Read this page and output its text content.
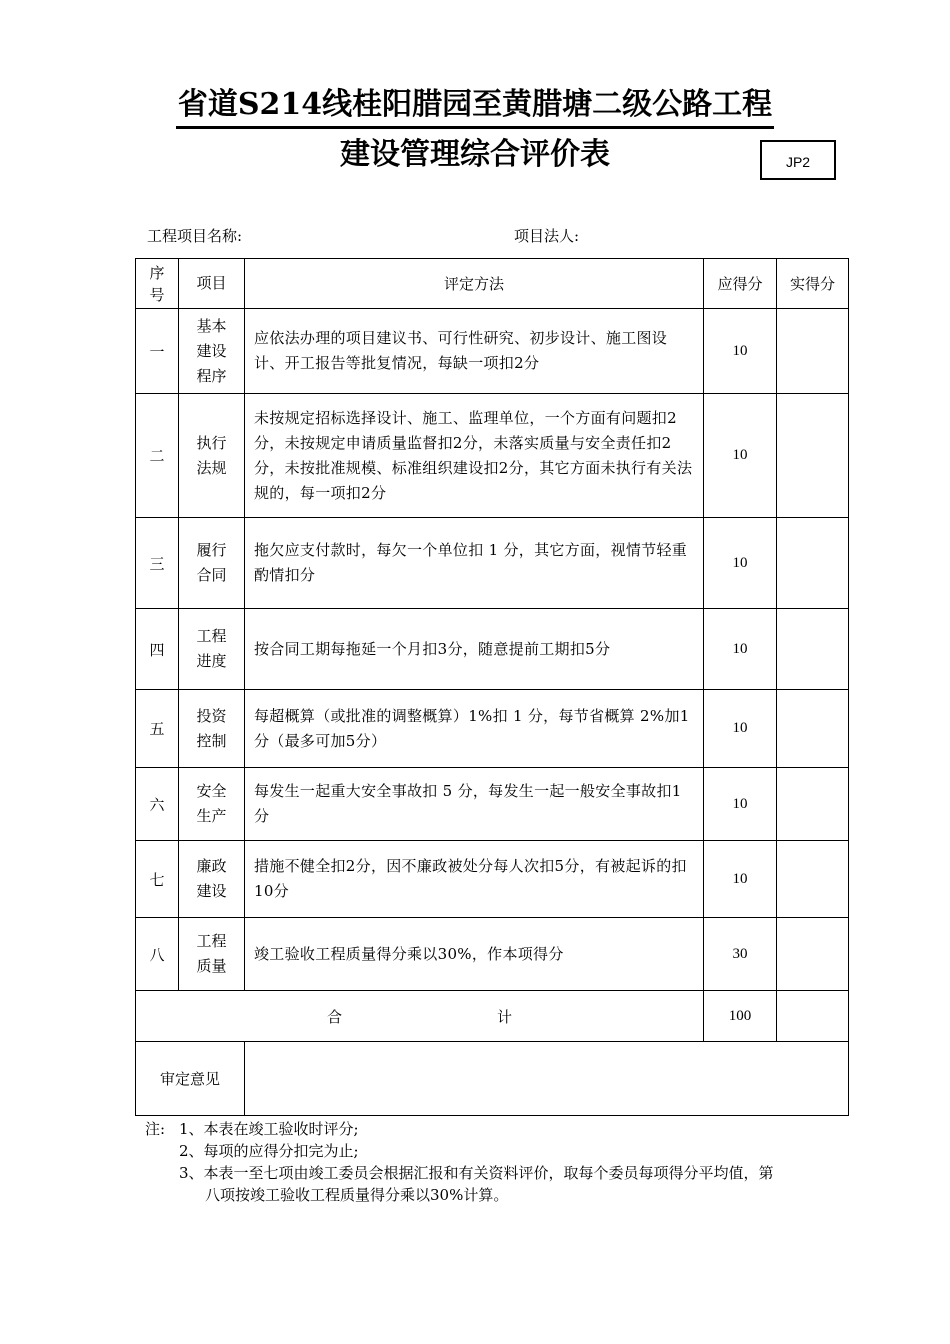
省道S214线桂阳腊园至黄腊塘二级公路工程
建设管理综合评价表	JP2
工程项目名称:	项目法人:
序号	项目	评定方法	应得分	实得分
一	基本建设程序	应依法办理的项目建议书、可行性研究、初步设计、施工图设计、开工报告等批复情况，每缺一项扣2分	10	
二	执行法规	未按规定招标选择设计、施工、监理单位，一个方面有问题扣2分，未按规定申请质量监督扣2分，未落实质量与安全责任扣2分，未按批准规模、标准组织建设扣2分，其它方面未执行有关法规的，每一项扣2分	10	
三	履行合同	拖欠应支付款时，每欠一个单位扣 1 分，其它方面，视情节轻重酌情扣分	10	
四	工程进度	按合同工期每拖延一个月扣3分，随意提前工期扣5分	10	
五	投资控制	每超概算（或批准的调整概算）1%扣 1 分，每节省概算 2%加1分（最多可加5分）	10	
六	安全生产	每发生一起重大安全事故扣 5 分，每发生一起一般安全事故扣1分	10	
七	廉政建设	措施不健全扣2分，因不廉政被处分每人次扣5分，有被起诉的扣10分	10	
八	工程质量	竣工验收工程质量得分乘以30%，作本项得分	30	
合 计			100	
审定意见				
注: 1、本表在竣工验收时评分;
2、每项的应得分扣完为止;
3、本表一至七项由竣工委员会根据汇报和有关资料评价，取每个委员每项得分平均值，第
八项按竣工验收工程质量得分乘以30%计算。
